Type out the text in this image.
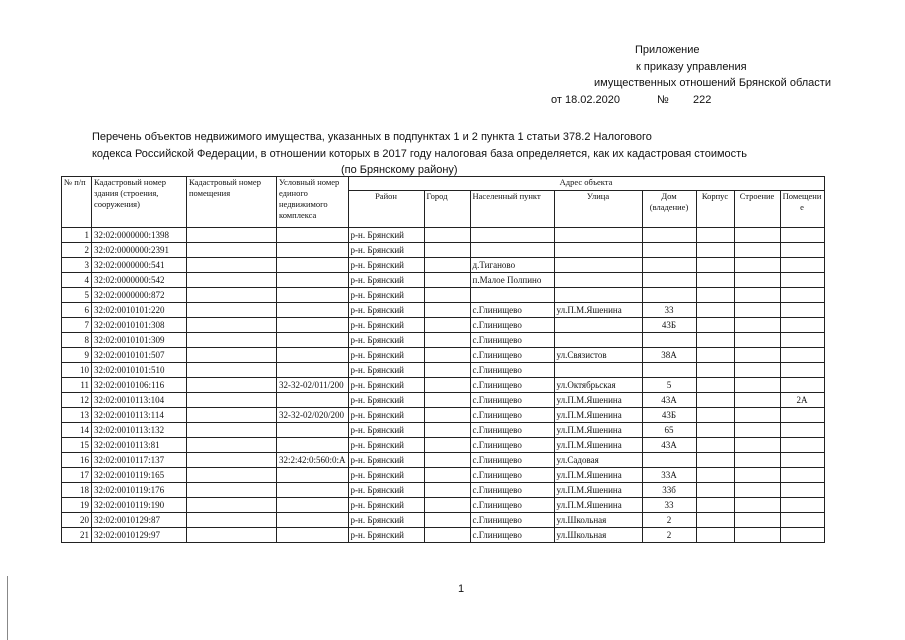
Приложение
к приказу управления
имущественных отношений Брянской области
от 18.02.2020	№ 222
Перечень объектов недвижимого имущества, указанных в подпунктах 1 и 2 пункта 1 статьи 378.2 Налогового
кодекса Российской Федерации, в отношении которых в 2017 году налоговая база определяется, как их кадастровая стоимость
(по Брянскому району)
№ п/п	Кадастровый номер здания (строения, сооружения)	Кадастровый номер помещения	Условный номер единого недвижимого комплекса	Адрес объекта							
				Район	Город	Населенный пункт	Улица	Дом (владение)	Корпус	Строение	Помещение
1	32:02:0000000:1398			р-н. Брянский							
2	32:02:0000000:2391			р-н. Брянский							
3	32:02:0000000:541			р-н. Брянский		д.Тиганово					
4	32:02:0000000:542			р-н. Брянский		п.Малое Полпино					
5	32:02:0000000:872			р-н. Брянский							
6	32:02:0010101:220			р-н. Брянский		с.Глинищево	ул.П.М.Яшенина	33			
7	32:02:0010101:308			р-н. Брянский		с.Глинищево		43Б			
8	32:02:0010101:309			р-н. Брянский		с.Глинищево					
9	32:02:0010101:507			р-н. Брянский		с.Глинищево	ул.Связистов	38А			
10	32:02:0010101:510			р-н. Брянский		с.Глинищево					
11	32:02:0010106:116		32-32-02/011/200	р-н. Брянский		с.Глинищево	ул.Октябрьская	5			
12	32:02:0010113:104			р-н. Брянский		с.Глинищево	ул.П.М.Яшенина	43А			2А
13	32:02:0010113:114		32-32-02/020/200	р-н. Брянский		с.Глинищево	ул.П.М.Яшенина	43Б			
14	32:02:0010113:132			р-н. Брянский		с.Глинищево	ул.П.М.Яшенина	65			
15	32:02:0010113:81			р-н. Брянский		с.Глинищево	ул.П.М.Яшенина	43А			
16	32:02:0010117:137		32:2:42:0:560:0:А	р-н. Брянский		с.Глинищево	ул.Садовая				
17	32:02:0010119:165			р-н. Брянский		с.Глинищево	ул.П.М.Яшенина	33А			
18	32:02:0010119:176			р-н. Брянский		с.Глинищево	ул.П.М.Яшенина	33б			
19	32:02:0010119:190			р-н. Брянский		с.Глинищево	ул.П.М.Яшенина	33			
20	32:02:0010129:87			р-н. Брянский		с.Глинищево	ул.Школьная	2			
21	32:02:0010129:97			р-н. Брянский		с.Глинищево	ул.Школьная	2			
1
